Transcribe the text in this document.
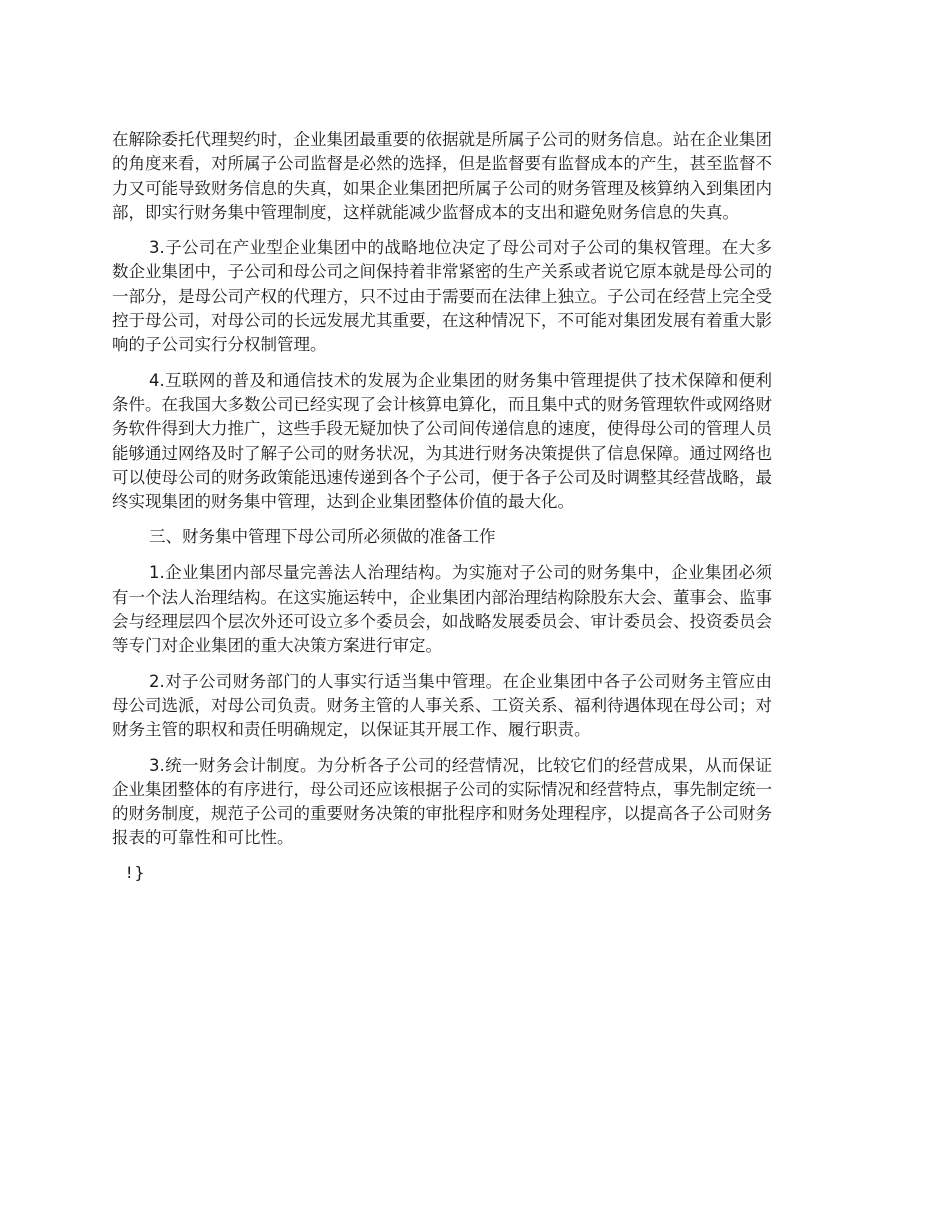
在解除委托代理契约时，企业集团最重要的依据就是所属子公司的财务信息。站在企业集团的角度来看，对所属子公司监督是必然的选择，但是监督要有监督成本的产生，甚至监督不力又可能导致财务信息的失真，如果企业集团把所属子公司的财务管理及核算纳入到集团内部，即实行财务集中管理制度，这样就能减少监督成本的支出和避免财务信息的失真。

3.子公司在产业型企业集团中的战略地位决定了母公司对子公司的集权管理。在大多数企业集团中，子公司和母公司之间保持着非常紧密的生产关系或者说它原本就是母公司的一部分，是母公司产权的代理方，只不过由于需要而在法律上独立。子公司在经营上完全受控于母公司，对母公司的长远发展尤其重要，在这种情况下，不可能对集团发展有着重大影响的子公司实行分权制管理。

4.互联网的普及和通信技术的发展为企业集团的财务集中管理提供了技术保障和便利条件。在我国大多数公司已经实现了会计核算电算化，而且集中式的财务管理软件或网络财务软件得到大力推广，这些手段无疑加快了公司间传递信息的速度，使得母公司的管理人员能够通过网络及时了解子公司的财务状况，为其进行财务决策提供了信息保障。通过网络也可以使母公司的财务政策能迅速传递到各个子公司，便于各子公司及时调整其经营战略，最终实现集团的财务集中管理，达到企业集团整体价值的最大化。

三、财务集中管理下母公司所必须做的准备工作

1.企业集团内部尽量完善法人治理结构。为实施对子公司的财务集中，企业集团必须有一个法人治理结构。在这实施运转中，企业集团内部治理结构除股东大会、董事会、监事会与经理层四个层次外还可设立多个委员会，如战略发展委员会、审计委员会、投资委员会等专门对企业集团的重大决策方案进行审定。

2.对子公司财务部门的人事实行适当集中管理。在企业集团中各子公司财务主管应由母公司选派，对母公司负责。财务主管的人事关系、工资关系、福利待遇体现在母公司；对财务主管的职权和责任明确规定，以保证其开展工作、履行职责。

3.统一财务会计制度。为分析各子公司的经营情况，比较它们的经营成果，从而保证企业集团整体的有序进行，母公司还应该根据子公司的实际情况和经营特点，事先制定统一的财务制度，规范子公司的重要财务决策的审批程序和财务处理程序，以提高各子公司财务报表的可靠性和可比性。

!}
